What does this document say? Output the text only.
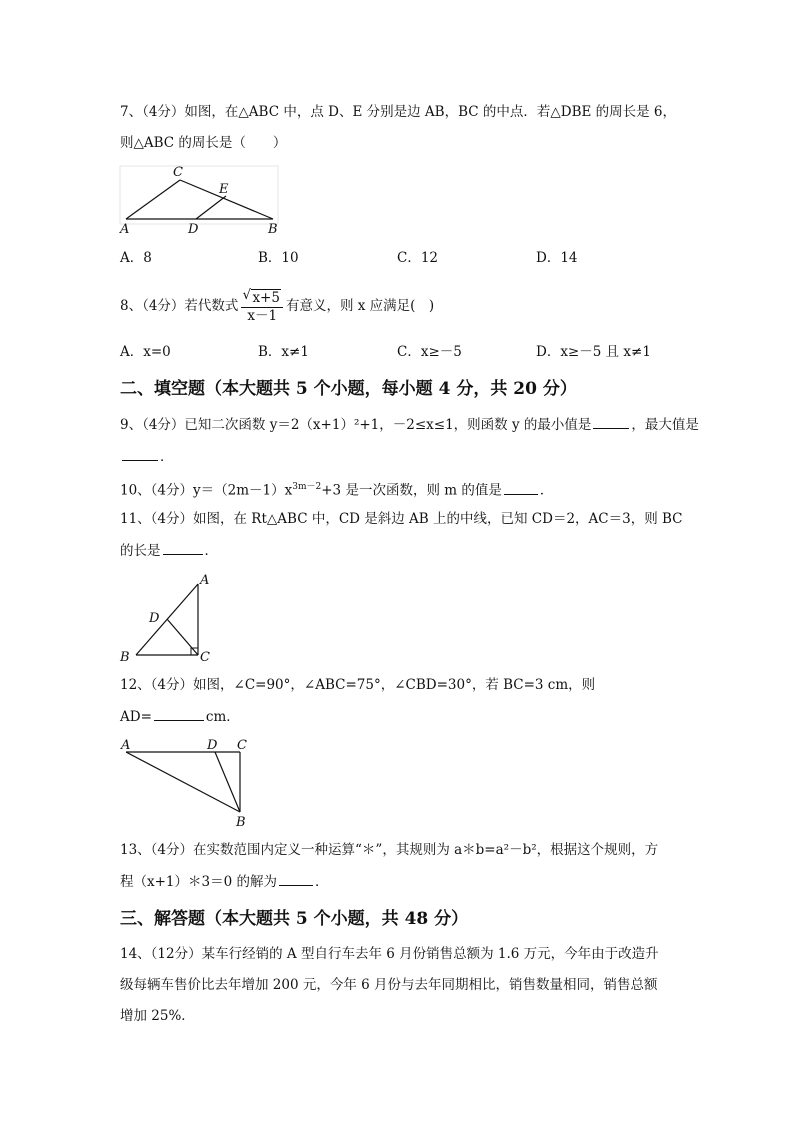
7、（4分）如图，在△ABC 中，点 D、E 分别是边 AB，BC 的中点．若△DBE 的周长是 6，
则△ABC 的周长是（　　）
A
C
E
D	B
A．8	B．10	C．12	D．14
8、（4分）若代数式 √ $\frac{x+5}{x-1}$ 有意义，则 x 应满足(　)
A．x=0	B．x≠1	C．x≥－5	D．x≥－5 且 x≠1
二、填空题（本大题共 5 个小题，每小题 4 分，共 20 分）
9、（4分）已知二次函数 y＝2（x+1）²+1，－2≤x≤1，则函数 y 的最小值是	，最大值是
．
10、（4分）$y=(2m-1)x^{3m-2}+3$ 是一次函数，则 m 的值是	．
11、（4分）如图，在 Rt△ABC 中，CD 是斜边 AB 上的中线，已知 CD＝2，AC＝3，则 BC
的长是	．
A
D
B	C
12、（4分）如图，∠C=90°，∠ABC=75°，∠CBD=30°，若 BC=3 cm，则
AD=	cm．
A	D C
B
13、（4分）在实数范围内定义一种运算“＊”，其规则为 a＊b=a²－b²，根据这个规则，方
程（x+1）＊3＝0 的解为	．
三、解答题（本大题共 5 个小题，共 48 分）
14、（12分）某车行经销的 A 型自行车去年 6 月份销售总额为 1.6 万元，今年由于改造升
级每辆车售价比去年增加 200 元，今年 6 月份与去年同期相比，销售数量相同，销售总额
增加 25%．
